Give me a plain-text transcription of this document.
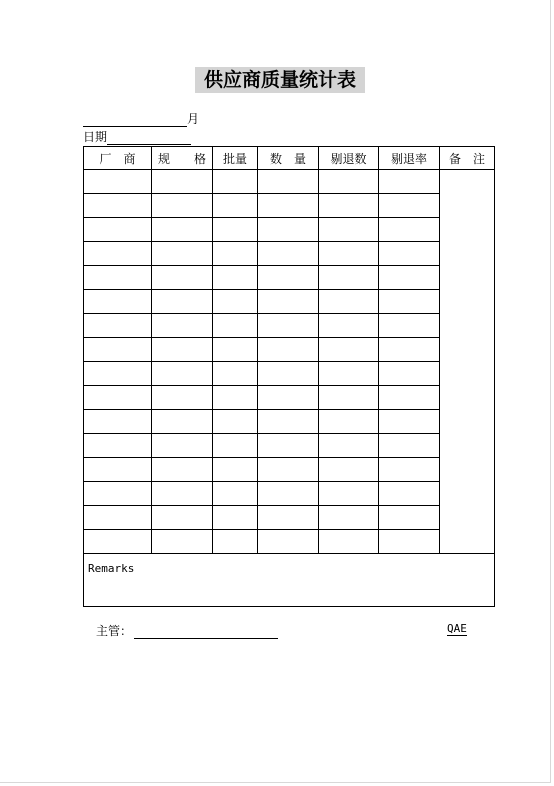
供应商质量统计表
月
日期
厂　商	规　　格	批量	数　量	剔退数	剔退率	备　注

Remarks						
主管：	QAE
